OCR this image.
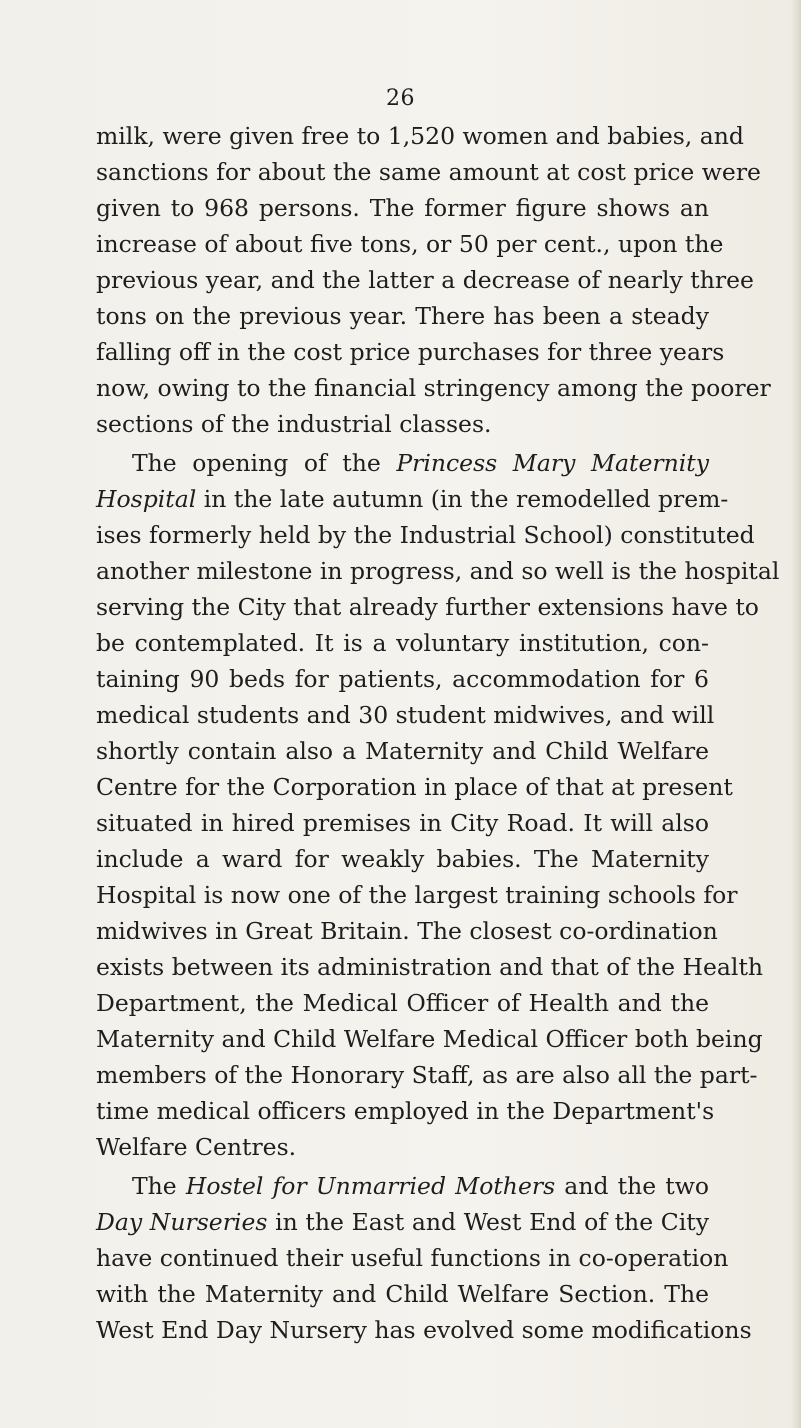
26
milk, were given free to 1,520 women and babies, and
sanctions for about the same amount at cost price were
given to 968 persons. The former figure shows an
increase of about five tons, or 50 per cent., upon the
previous year, and the latter a decrease of nearly three
tons on the previous year. There has been a steady
falling off in the cost price purchases for three years
now, owing to the financial stringency among the poorer
sections of the industrial classes.
The opening of the Princess Mary Maternity
Hospital in the late autumn (in the remodelled prem-
ises formerly held by the Industrial School) constituted
another milestone in progress, and so well is the hospital
serving the City that already further extensions have to
be contemplated. It is a voluntary institution, con-
taining 90 beds for patients, accommodation for 6
medical students and 30 student midwives, and will
shortly contain also a Maternity and Child Welfare
Centre for the Corporation in place of that at present
situated in hired premises in City Road. It will also
include a ward for weakly babies. The Maternity
Hospital is now one of the largest training schools for
midwives in Great Britain. The closest co-ordination
exists between its administration and that of the Health
Department, the Medical Officer of Health and the
Maternity and Child Welfare Medical Officer both being
members of the Honorary Staff, as are also all the part-
time medical officers employed in the Department's
Welfare Centres.
The Hostel for Unmarried Mothers and the two
Day Nurseries in the East and West End of the City
have continued their useful functions in co-operation
with the Maternity and Child Welfare Section. The
West End Day Nursery has evolved some modifications
